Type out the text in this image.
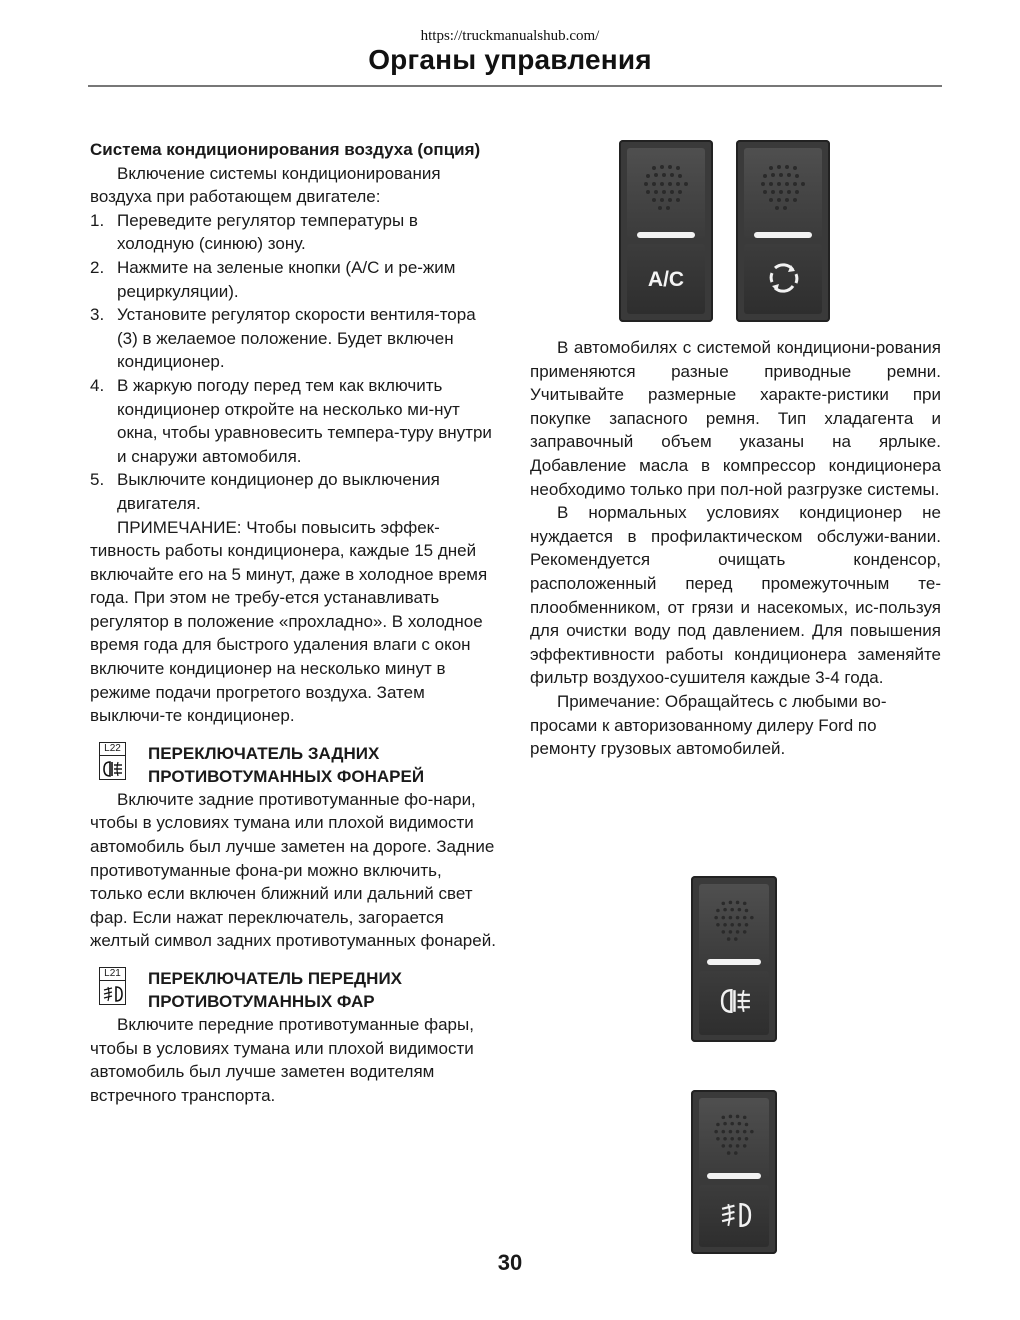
https://truckmanualshub.com/
Органы управления
Система кондиционирования воздуха (опция)
Включение системы кондиционирования воздуха при работающем двигателе:
1. Переведите регулятор температуры в холодную (синюю) зону.
2. Нажмите на зеленые кнопки (A/C и ре-жим рециркуляции).
3. Установите регулятор скорости вентиля-тора (3) в желаемое положение. Будет включен кондиционер.
4. В жаркую погоду перед тем как включить кондиционер откройте на несколько ми-нут окна, чтобы уравновесить темпера-туру внутри и снаружи автомобиля.
5. Выключите кондиционер до выключения двигателя.
ПРИМЕЧАНИЕ: Чтобы повысить эффек-тивность работы кондиционера, каждые 15 дней включайте его на 5 минут, даже в холодное время года. При этом не требу-ется устанавливать регулятор в положение «прохладно». В холодное время года для быстрого удаления влаги с окон включите кондиционер на несколько минут в режиме подачи прогретого воздуха. Затем выключи-те кондиционер.
L22 ПЕРЕКЛЮЧАТЕЛЬ ЗАДНИХ ПРОТИВОТУМАННЫХ ФОНАРЕЙ
Включите задние противотуманные фо-нари, чтобы в условиях тумана или плохой видимости автомобиль был лучше заметен на дороге. Задние противотуманные фона-ри можно включить, только если включен ближний или дальний свет фар. Если нажат переключатель, загорается желтый символ задних противотуманных фонарей.
L21 ПЕРЕКЛЮЧАТЕЛЬ ПЕРЕДНИХ ПРОТИВОТУМАННЫХ ФАР
Включите передние противотуманные фары, чтобы в условиях тумана или плохой видимости автомобиль был лучше заметен водителям встречного транспорта.
В автомобилях с системой кондициони-рования применяются разные приводные ремни. Учитывайте размерные характе-ристики при покупке запасного ремня. Тип хладагента и заправочный объем указаны на ярлыке. Добавление масла в компрессор кондиционера необходимо только при пол-ной разгрузке системы.
В нормальных условиях кондиционер не нуждается в профилактическом обслужи-вании. Рекомендуется очищать конденсор, расположенный перед промежуточным те-плообменником, от грязи и насекомых, ис-пользуя для очистки воду под давлением. Для повышения эффективности работы кондиционера заменяйте фильтр воздухоо-сушителя каждые 3-4 года.
Примечание: Обращайтесь с любыми во-просами к авторизованному дилеру Ford по ремонту грузовых автомобилей.
A/C
30
